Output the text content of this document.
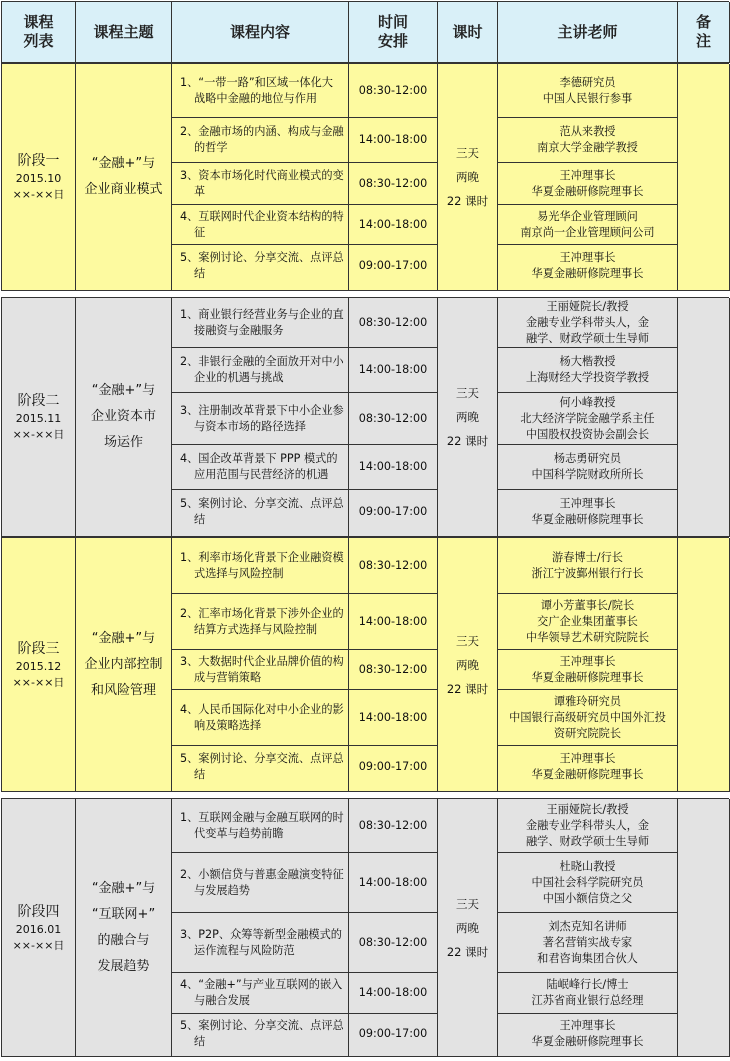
课程列表
课程主题	课程内容
时间安排
课时	主讲老师
备注
阶段一
2015.10
××-××日
“金融+”与
企业商业模式
1、“一带一路”和区域一体化大战略中金融的地位与作用
2、金融市场的内涵、构成与金融的哲学
3、资本市场化时代商业模式的变革
4、互联网时代企业资本结构的特征
5、案例讨论、分享交流、点评总结
08:30-12:00
14:00-18:00
08:30-12:00
14:00-18:00
09:00-17:00
三天
两晚
22 课时
李德研究员
中国人民银行参事
范从来教授
南京大学金融学教授
王冲理事长
华夏金融研修院理事长
易光华企业管理顾问
南京尚一企业管理顾问公司
王冲理事长
华夏金融研修院理事长
阶段二
2015.11
××-××日
“金融+”与
企业资本市
场运作
1、商业银行经营业务与企业的直接融资与金融服务
2、非银行金融的全面放开对中小企业的机遇与挑战
3、注册制改革背景下中小企业参与资本市场的路径选择
4、国企改革背景下 PPP 模式的应用范围与民营经济的机遇
5、案例讨论、分享交流、点评总结
08:30-12:00
14:00-18:00
08:30-12:00
14:00-18:00
09:00-17:00
三天
两晚
22 课时
王丽娅院长/教授
金融专业学科带头人，金
融学、财政学硕士生导师
杨大楷教授
上海财经大学投资学教授
何小峰教授
北大经济学院金融学系主任
中国股权投资协会副会长
杨志勇研究员
中国科学院财政所所长
王冲理事长
华夏金融研修院理事长
阶段三
2015.12
××-××日
“金融+”与
企业内部控制
和风险管理
1、利率市场化背景下企业融资模式选择与风险控制
2、汇率市场化背景下涉外企业的结算方式选择与风险控制
3、大数据时代企业品牌价值的构成与营销策略
4、人民币国际化对中小企业的影响及策略选择
5、案例讨论、分享交流、点评总结
08:30-12:00
14:00-18:00
08:30-12:00
14:00-18:00
09:00-17:00
三天
两晚
22 课时
游春博士/行长
浙江宁波鄞州银行行长
谭小芳董事长/院长
交广企业集团董事长
中华领导艺术研究院院长
王冲理事长
华夏金融研修院理事长
谭雅玲研究员
中国银行高级研究员中国外汇投
资研究院院长
王冲理事长
华夏金融研修院理事长
阶段四
2016.01
××-××日
“金融+”与
“互联网+”
的融合与
发展趋势
1、互联网金融与金融互联网的时代变革与趋势前瞻
2、小额信贷与普惠金融演变特征与发展趋势
3、P2P、众筹等新型金融模式的运作流程与风险防范
4、“金融+”与产业互联网的嵌入与融合发展
5、案例讨论、分享交流、点评总结
08:30-12:00
14:00-18:00
08:30-12:00
14:00-18:00
09:00-17:00
三天
两晚
22 课时
王丽娅院长/教授
金融专业学科带头人，金
融学、财政学硕士生导师
杜晓山教授
中国社会科学院研究员
中国小额信贷之父
刘杰克知名讲师
著名营销实战专家
和君咨询集团合伙人
陆岷峰行长/博士
江苏省商业银行总经理
王冲理事长
华夏金融研修院理事长
